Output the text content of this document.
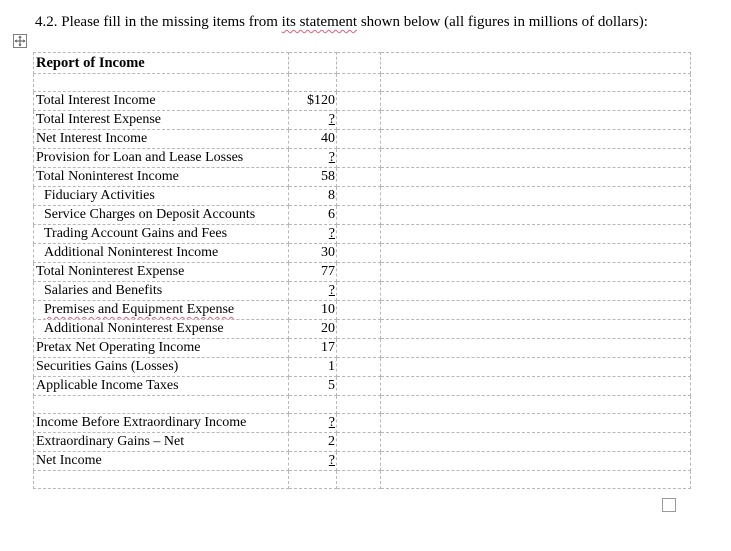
4.2. Please fill in the missing items from its statement shown below (all figures in millions of dollars):
Report of Income			

Total Interest Income	$120		
Total Interest Expense	?		
Net Interest Income	40		
Provision for Loan and Lease Losses	?		
Total Noninterest Income	58		
Fiduciary Activities	8		
Service Charges on Deposit Accounts	6		
Trading Account Gains and Fees	?		
Additional Noninterest Income	30		
Total Noninterest Expense	77		
Salaries and Benefits	?		
Premises and Equipment Expense	10		
Additional Noninterest Expense	20		
Pretax Net Operating Income	17		
Securities Gains (Losses)	1		
Applicable Income Taxes	5		

Income Before Extraordinary Income	?		
Extraordinary Gains – Net	2		
Net Income	?		
